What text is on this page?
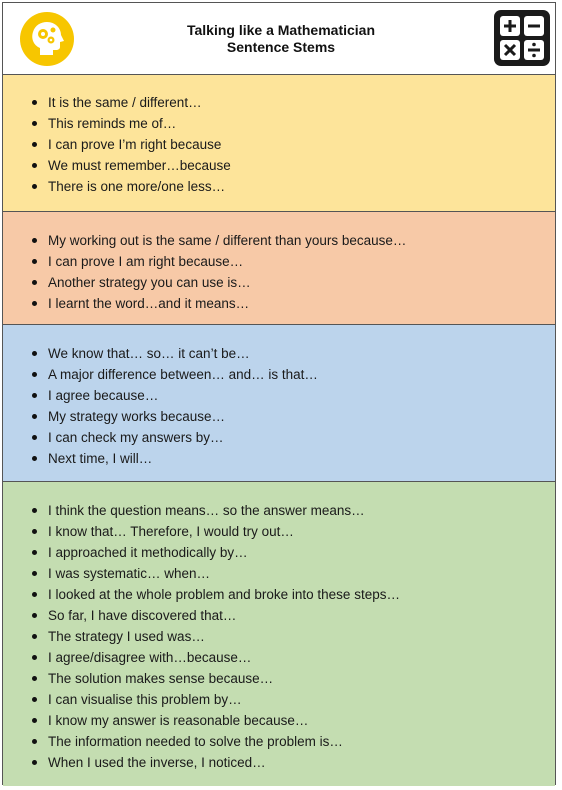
Talking like a Mathematician
Sentence Stems
It is the same / different…
This reminds me of…
I can prove I’m right because
We must remember…because
There is one more/one less…
My working out is the same / different than yours because…
I can prove I am right because…
Another strategy you can use is…
I learnt the word…and it means…
We know that… so… it can’t be…
A major difference between… and… is that…
I agree because…
My strategy works because…
I can check my answers by…
Next time, I will…
I think the question means… so the answer means…
I know that… Therefore, I would try out…
I approached it methodically by…
I was systematic… when…
I looked at the whole problem and broke into these steps…
So far, I have discovered that…
The strategy I used was…
I agree/disagree with…because…
The solution makes sense because…
I can visualise this problem by…
I know my answer is reasonable because…
The information needed to solve the problem is…
When I used the inverse, I noticed…
